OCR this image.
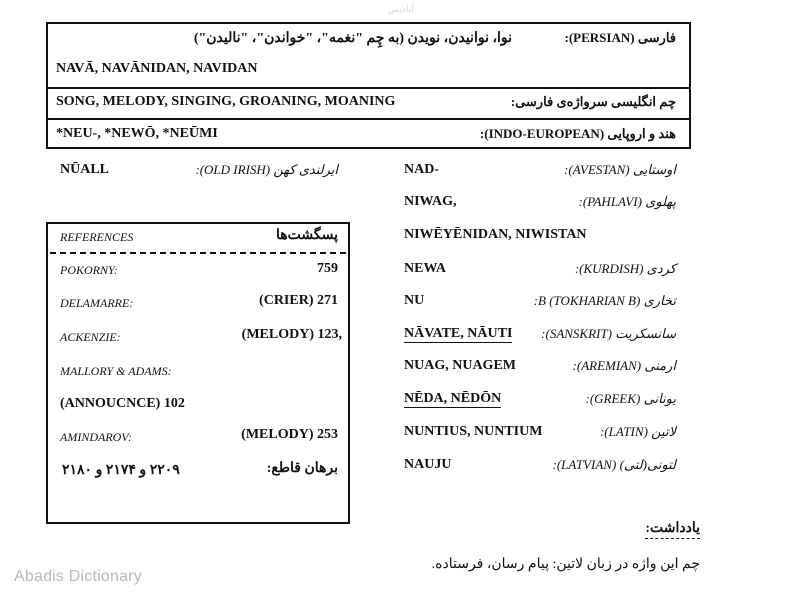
آبادیس
نوا، نوانیدن، نویدن (به چِم "نغمه"، "خواندن"، "نالیدن")	فارسی (PERSIAN):
NAVĀ, NAVĀNIDAN, NAVIDAN
SONG, MELODY, SINGING, GROANING, MOANING	چم انگلیسی سرواژه‌ی فارسی:
*NEU-, *NEWŌ, *NEŪMI	هند و اروپایی (INDO-EUROPEAN):
NŪALL	ایرلندی کهن (OLD IRISH):
REFERENCES	پسگشت‌ها
POKORNY:	759
DELAMARRE:	(CRIER) 271
ACKENZIE:	(MELODY) 123,
MALLORY & ADAMS:
(ANNOUCNCE) 102
AMINDAROV:	(MELODY) 253
۲۲۰۹ و ۲۱۷۴ و ۲۱۸۰	برهان قاطع:
NAD-	اوستایی (AVESTAN):
NIWAG,	پهلوی (PAHLAVI):
NIWĒYĒNIDAN, NIWISTAN
NEWA	کردی (KURDISH):
NU	تخاری B (TOKHARIAN B):
NĀVATE, NĀUTI سانسکریت (SANSKRIT):
NUAG, NUAGEM	ارمنی (AREMIAN):
NĒDA, NĒDŌN	یونانی (GREEK):
NUNTIUS, NUNTIUM	لاتین (LATIN):
NAUJU	لتونی(لتی) (LATVIAN):
یادداشت:
چم این واژه در زبان لاتین: پیام رسان، فرستاده.
Abadis Dictionary
